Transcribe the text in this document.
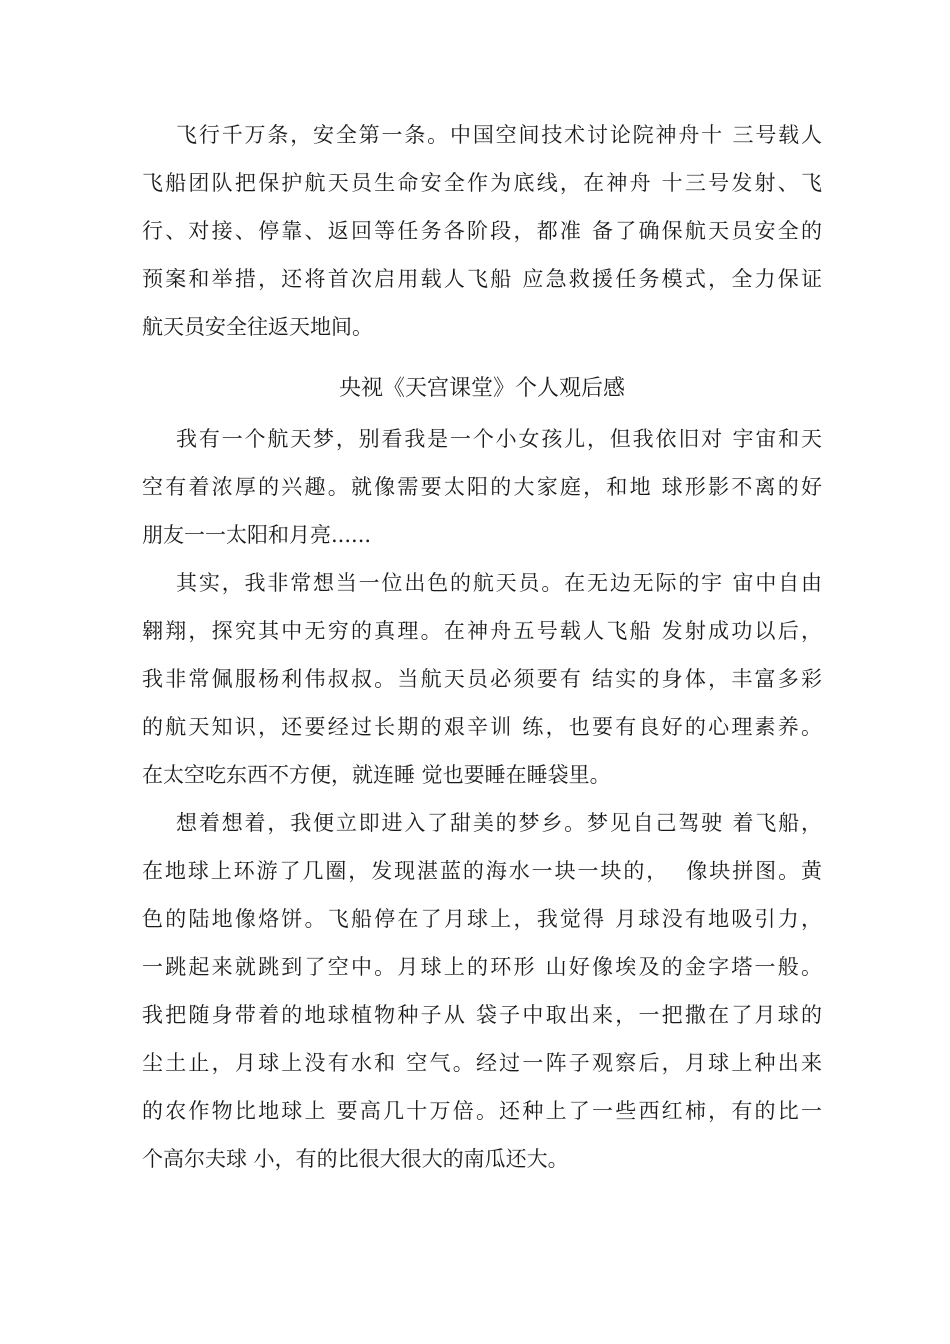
飞行千万条，安全第一条。中国空间技术讨论院神舟十 三号载人
飞船团队把保护航天员生命安全作为底线，在神舟 十三号发射、飞
行、对接、停靠、返回等任务各阶段，都准 备了确保航天员安全的
预案和举措，还将首次启用载人飞船 应急救援任务模式，全力保证
航天员安全往返天地间。
央视《天宫课堂》个人观后感
我有一个航天梦，别看我是一个小女孩儿，但我依旧对 宇宙和天
空有着浓厚的兴趣。就像需要太阳的大家庭，和地 球形影不离的好
朋友一一太阳和月亮......
其实，我非常想当一位出色的航天员。在无边无际的宇 宙中自由
翱翔，探究其中无穷的真理。在神舟五号载人飞船 发射成功以后，
我非常佩服杨利伟叔叔。当航天员必须要有 结实的身体，丰富多彩
的航天知识，还要经过长期的艰辛训 练，也要有良好的心理素养。
在太空吃东西不方便，就连睡 觉也要睡在睡袋里。
想着想着，我便立即进入了甜美的梦乡。梦见自己驾驶 着飞船，
在地球上环游了几圈，发现湛蓝的海水一块一块的，  像块拼图。黄
色的陆地像烙饼。飞船停在了月球上，我觉得 月球没有地吸引力，
一跳起来就跳到了空中。月球上的环形 山好像埃及的金字塔一般。
我把随身带着的地球植物种子从 袋子中取出来，一把撒在了月球的
尘土止，月球上没有水和 空气。经过一阵子观察后，月球上种出来
的农作物比地球上 要高几十万倍。还种上了一些西红柿，有的比一
个高尔夫球 小，有的比很大很大的南瓜还大。
